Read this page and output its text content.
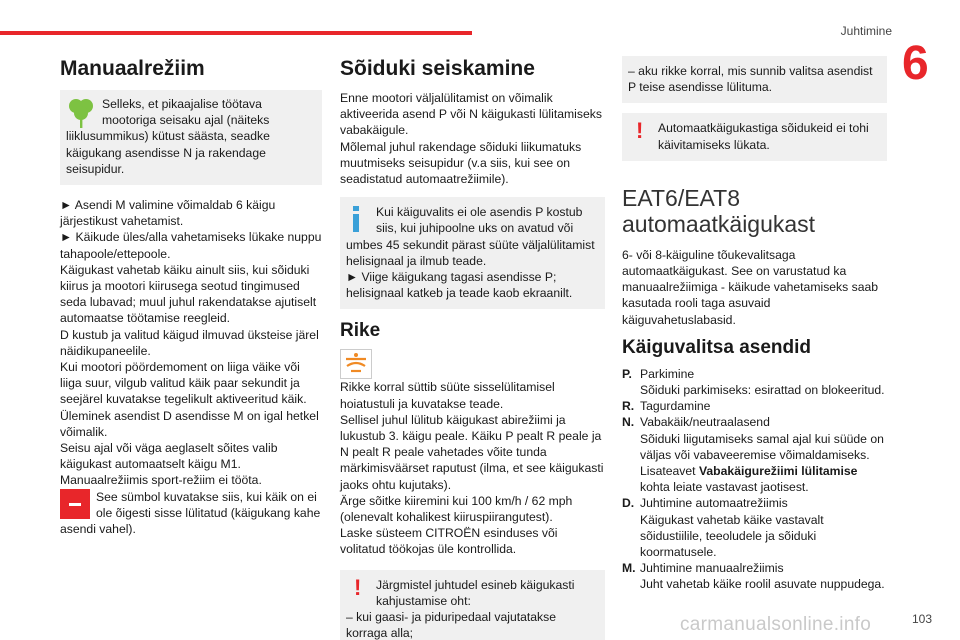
Juhtimine
6
Manuaalrežiim

Selleks, et pikaajalise töötava mootoriga seisaku ajal (näiteks liiklusummikus) kütust säästa, seadke käigukang asendisse N ja rakendage seisupidur.

► Asendi M valimine võimaldab 6 käigu järjestikust vahetamist.

► Käikude üles/alla vahetamiseks lükake nuppu tahapoole/ettepoole.

Käigukast vahetab käiku ainult siis, kui sõiduki kiirus ja mootori kiirusega seotud tingimused seda lubavad; muul juhul rakendatakse ajutiselt automaatse töötamise reegleid.

D kustub ja valitud käigud ilmuvad üksteise järel näidikupaneelile.

Kui mootori pöördemoment on liiga väike või liiga suur, vilgub valitud käik paar sekundit ja seejärel kuvatakse tegelikult aktiveeritud käik.

Üleminek asendist D asendisse M on igal hetkel võimalik.

Seisu ajal või väga aeglaselt sõites valib käigukast automaatselt käigu M1.

Manuaalrežiimis sport-režiim ei tööta.

See sümbol kuvatakse siis, kui käik on ei ole õigesti sisse lülitatud (käigukang kahe asendi vahel).

Sõiduki seiskamine

Enne mootori väljalülitamist on võimalik aktiveerida asend P või N käigukasti lülitamiseks vabakäigule.

Mõlemal juhul rakendage sõiduki liikumatuks muutmiseks seisupidur (v.a siis, kui see on seadistatud automaatrežiimile).

Kui käiguvalits ei ole asendis P kostub siis, kui juhipoolne uks on avatud või umbes 45 sekundit pärast süüte väljalülitamist helisignaal ja ilmub teade.

► Viige käigukang tagasi asendisse P; helisignaal katkeb ja teade kaob ekraanilt.

Rike

Rikke korral süttib süüte sisselülitamisel hoiatustuli ja kuvatakse teade.

Sellisel juhul lülitub käigukast abirežiimi ja lukustub 3. käigu peale. Käiku P pealt R peale ja N pealt R peale vahetades võite tunda märkimisväärset raputust (ilma, et see käigukasti jaoks ohtu kujutaks).

Ärge sõitke kiiremini kui 100 km/h / 62 mph (olenevalt kohalikest kiiruspiirangutest).

Laske süsteem CITROËN esinduses või volitatud töökojas üle kontrollida.

!	Järgmistel juhtudel esineb käigukasti kahjustamise oht:

– kui gaasi- ja piduripedaal vajutatakse korraga alla;

– aku rikke korral, mis sunnib valitsa asendist P teise asendisse lülituma.

!	Automaatkäigukastiga sõidukeid ei tohi käivitamiseks lükata.

EAT6/EAT8 automaatkäigukast

6- või 8-käiguline tõukevalitsaga automaatkäigukast. See on varustatud ka manuaalrežiimiga - käikude vahetamiseks saab kasutada rooli taga asuvaid käiguvahetuslabasid.

Käiguvalitsa asendid
P. Parkimine
Sõiduki parkimiseks: esirattad on blokeeritud.
R. Tagurdamine
N. Vabakäik/neutraalasend
Sõiduki liigutamiseks samal ajal kui süüde on väljas või vabaveeremise võimaldamiseks.
Lisateavet Vabakäigurežiimi lülitamise kohta leiate vastavast jaotisest.
D. Juhtimine automaatrežiimis
Käigukast vahetab käike vastavalt sõidustiilile, teeoludele ja sõiduki koormatusele.
M. Juhtimine manuaalrežiimis
Juht vahetab käike roolil asuvate nuppudega.
carmanualsonline.info	103
